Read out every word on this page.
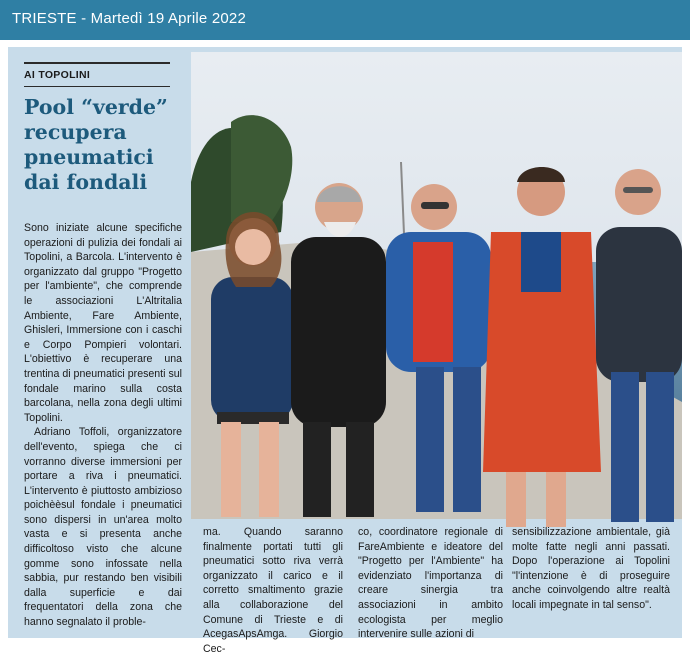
TRIESTE - Martedì 19 Aprile 2022
AI TOPOLINI
Pool “verde” recupera pneumatici dai fondali

Sono iniziate alcune specifiche operazioni di pulizia dei fondali ai Topolini, a Barcola. L'intervento è organizzato dal gruppo "Progetto per l'ambiente", che comprende le associazioni L'Altritalia Ambiente, Fare Ambiente, Ghisleri, Immersione con i caschi e Corpo Pompieri volontari. L'obiettivo è recuperare una trentina di pneumatici presenti sul fondale marino sulla costa barcolana, nella zona degli ultimi Topolini.

Adriano Toffoli, organizzatore dell'evento, spiega che ci vorranno diverse immersioni per portare a riva i pneumatici. L'intervento è piuttosto ambizioso poichèèsul fondale i pneumatici sono dispersi in un'area molto vasta e si presenta anche difficoltoso visto che alcune gomme sono infossate nella sabbia, pur restando ben visibili dalla superficie e dai frequentatori della zona che hanno segnalato il proble-

ma. Quando saranno finalmente portati tutti gli pneumatici sotto riva verrà organizzato il carico e il corretto smaltimento grazie alla collaborazione del Comune di Trieste e di AcegasApsAmga. Giorgio Cec-

co, coordinatore regionale di FareAmbiente e ideatore del "Progetto per l'Ambiente" ha evidenziato l'importanza di creare sinergia tra associazioni in ambito ecologista per meglio intervenire sulle azioni di

sensibilizzazione ambientale, già molte fatte negli anni passati. Dopo l'operazione ai Topolini "l'intenzione è di proseguire anche coinvolgendo altre realtà locali impegnate in tal senso".
